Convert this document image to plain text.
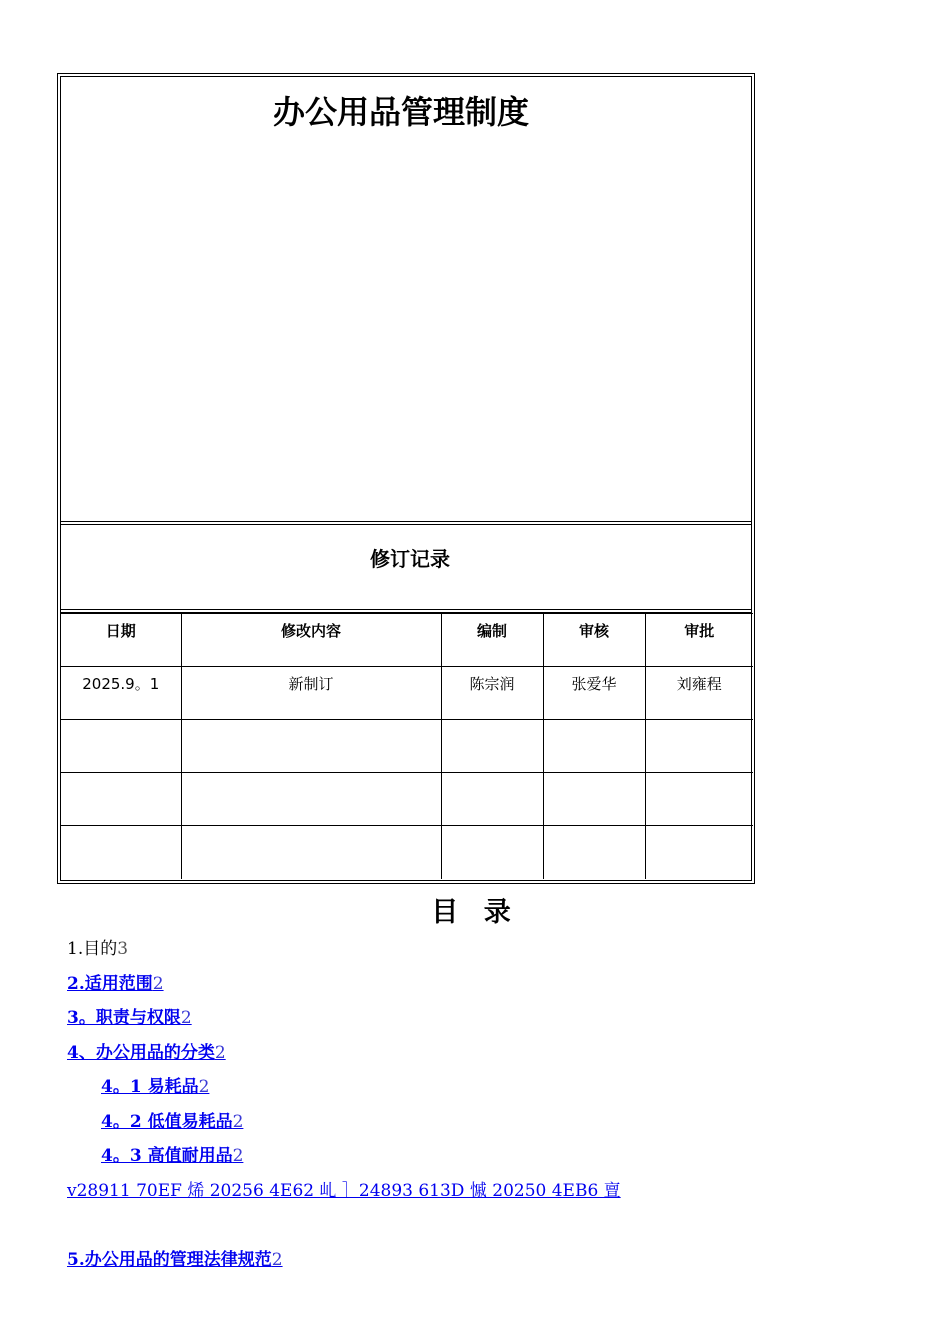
办公用品管理制度
修订记录
日期	修改内容	编制	审核	审批
2025.9。1	新制订	陈宗润	张爱华	刘雍程

目 录
1.目的3
2.适用范围2
3。职责与权限2
4、办公用品的分类2
4。1 易耗品2
4。2 低值易耗品2
4。3 高值耐用品2
v28911 70EF 烯 20256 4E62 乢 ］24893 613D 慽 20250 4EB6 亶
5.办公用品的管理法律规范2
